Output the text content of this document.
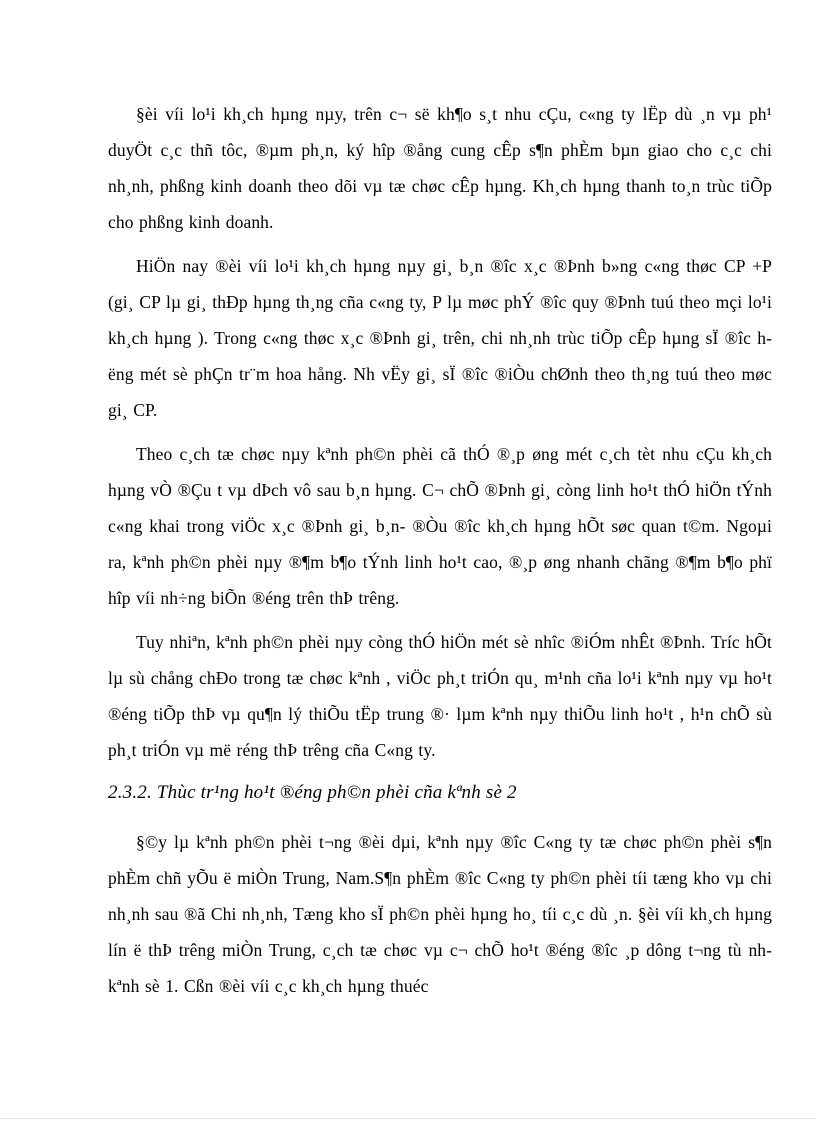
§èi víi lo¹i kh¸ch hµng nµy, trên c¬ së kh¶o s¸t nhu cÇu, c«ng ty lËp dù ¸n vµ ph¹ duyÖt c¸c thñ tôc, ®µm ph¸n, ký hîp ®ång cung cÊp s¶n phÈm bµn giao cho c¸c chi nh¸nh, phßng kinh doanh theo dõi vµ tæ chøc cÊp hµng. Kh¸ch hµng thanh to¸n trùc tiÕp cho phßng kinh doanh.

HiÖn nay ®èi víi lo¹i kh¸ch hµng nµy gi¸ b¸n ®îc x¸c ®Þnh b»ng c«ng thøc CP +P (gi¸ CP lµ gi¸ thÐp hµng th¸ng cña c«ng ty, P lµ møc phÝ ®îc quy ®Þnh tuú theo mçi lo¹i kh¸ch hµng ). Trong c«ng thøc x¸c ®Þnh gi¸ trên, chi nh¸nh trùc tiÕp cÊp hµng sÏ ®îc hëng mét sè phÇn tr¨m hoa hång. Nh vËy gi¸ sÏ ®îc ®iÒu chØnh theo th¸ng tuú theo møc gi¸ CP.

Theo c¸ch tæ chøc nµy kªnh ph©n phèi cã thÓ ®¸p øng mét c¸ch tèt nhu cÇu kh¸ch hµng vÒ ®Çu t vµ dÞch vô sau b¸n hµng. C¬ chÕ ®Þnh gi¸ còng linh ho¹t thÓ hiÖn tÝnh c«ng khai trong viÖc x¸c ®Þnh gi¸ b¸n- ®Òu ®îc kh¸ch hµng hÕt søc quan t©m. Ngoµi ra, kªnh ph©n phèi nµy ®¶m b¶o tÝnh linh ho¹t cao, ®¸p øng nhanh chãng ®¶m b¶o phï hîp víi nh÷ng biÕn ®éng trên thÞ trêng.

Tuy nhiªn, kªnh ph©n phèi nµy còng thÓ hiÖn mét sè nhîc ®iÓm nhÊt ®Þnh. Tríc hÕt lµ sù chång chÐo trong tæ chøc kªnh , viÖc ph¸t triÓn qu¸ m¹nh cña lo¹i kªnh nµy vµ ho¹t ®éng tiÕp thÞ vµ qu¶n lý thiÕu tËp trung ®· lµm kªnh nµy thiÕu linh ho¹t , h¹n chÕ sù ph¸t triÓn vµ më réng thÞ trêng cña C«ng ty.

2.3.2. Thùc tr¹ng ho¹t ®éng ph©n phèi cña kªnh sè 2

§©y lµ kªnh ph©n phèi t¬ng ®èi dµi, kªnh nµy ®îc C«ng ty tæ chøc ph©n phèi s¶n phÈm chñ yÕu ë miÒn Trung, Nam.S¶n phÈm ®îc C«ng ty ph©n phèi tíi tæng kho vµ chi nh¸nh sau ®ã Chi nh¸nh, Tæng kho sÏ ph©n phèi hµng ho¸ tíi c¸c dù ¸n. §èi víi kh¸ch hµng lín ë thÞ trêng miÒn Trung, c¸ch tæ chøc vµ c¬ chÕ ho¹t ®éng ®îc ¸p dông t¬ng tù nh kªnh sè 1. Cßn ®èi víi c¸c kh¸ch hµng thuéc
